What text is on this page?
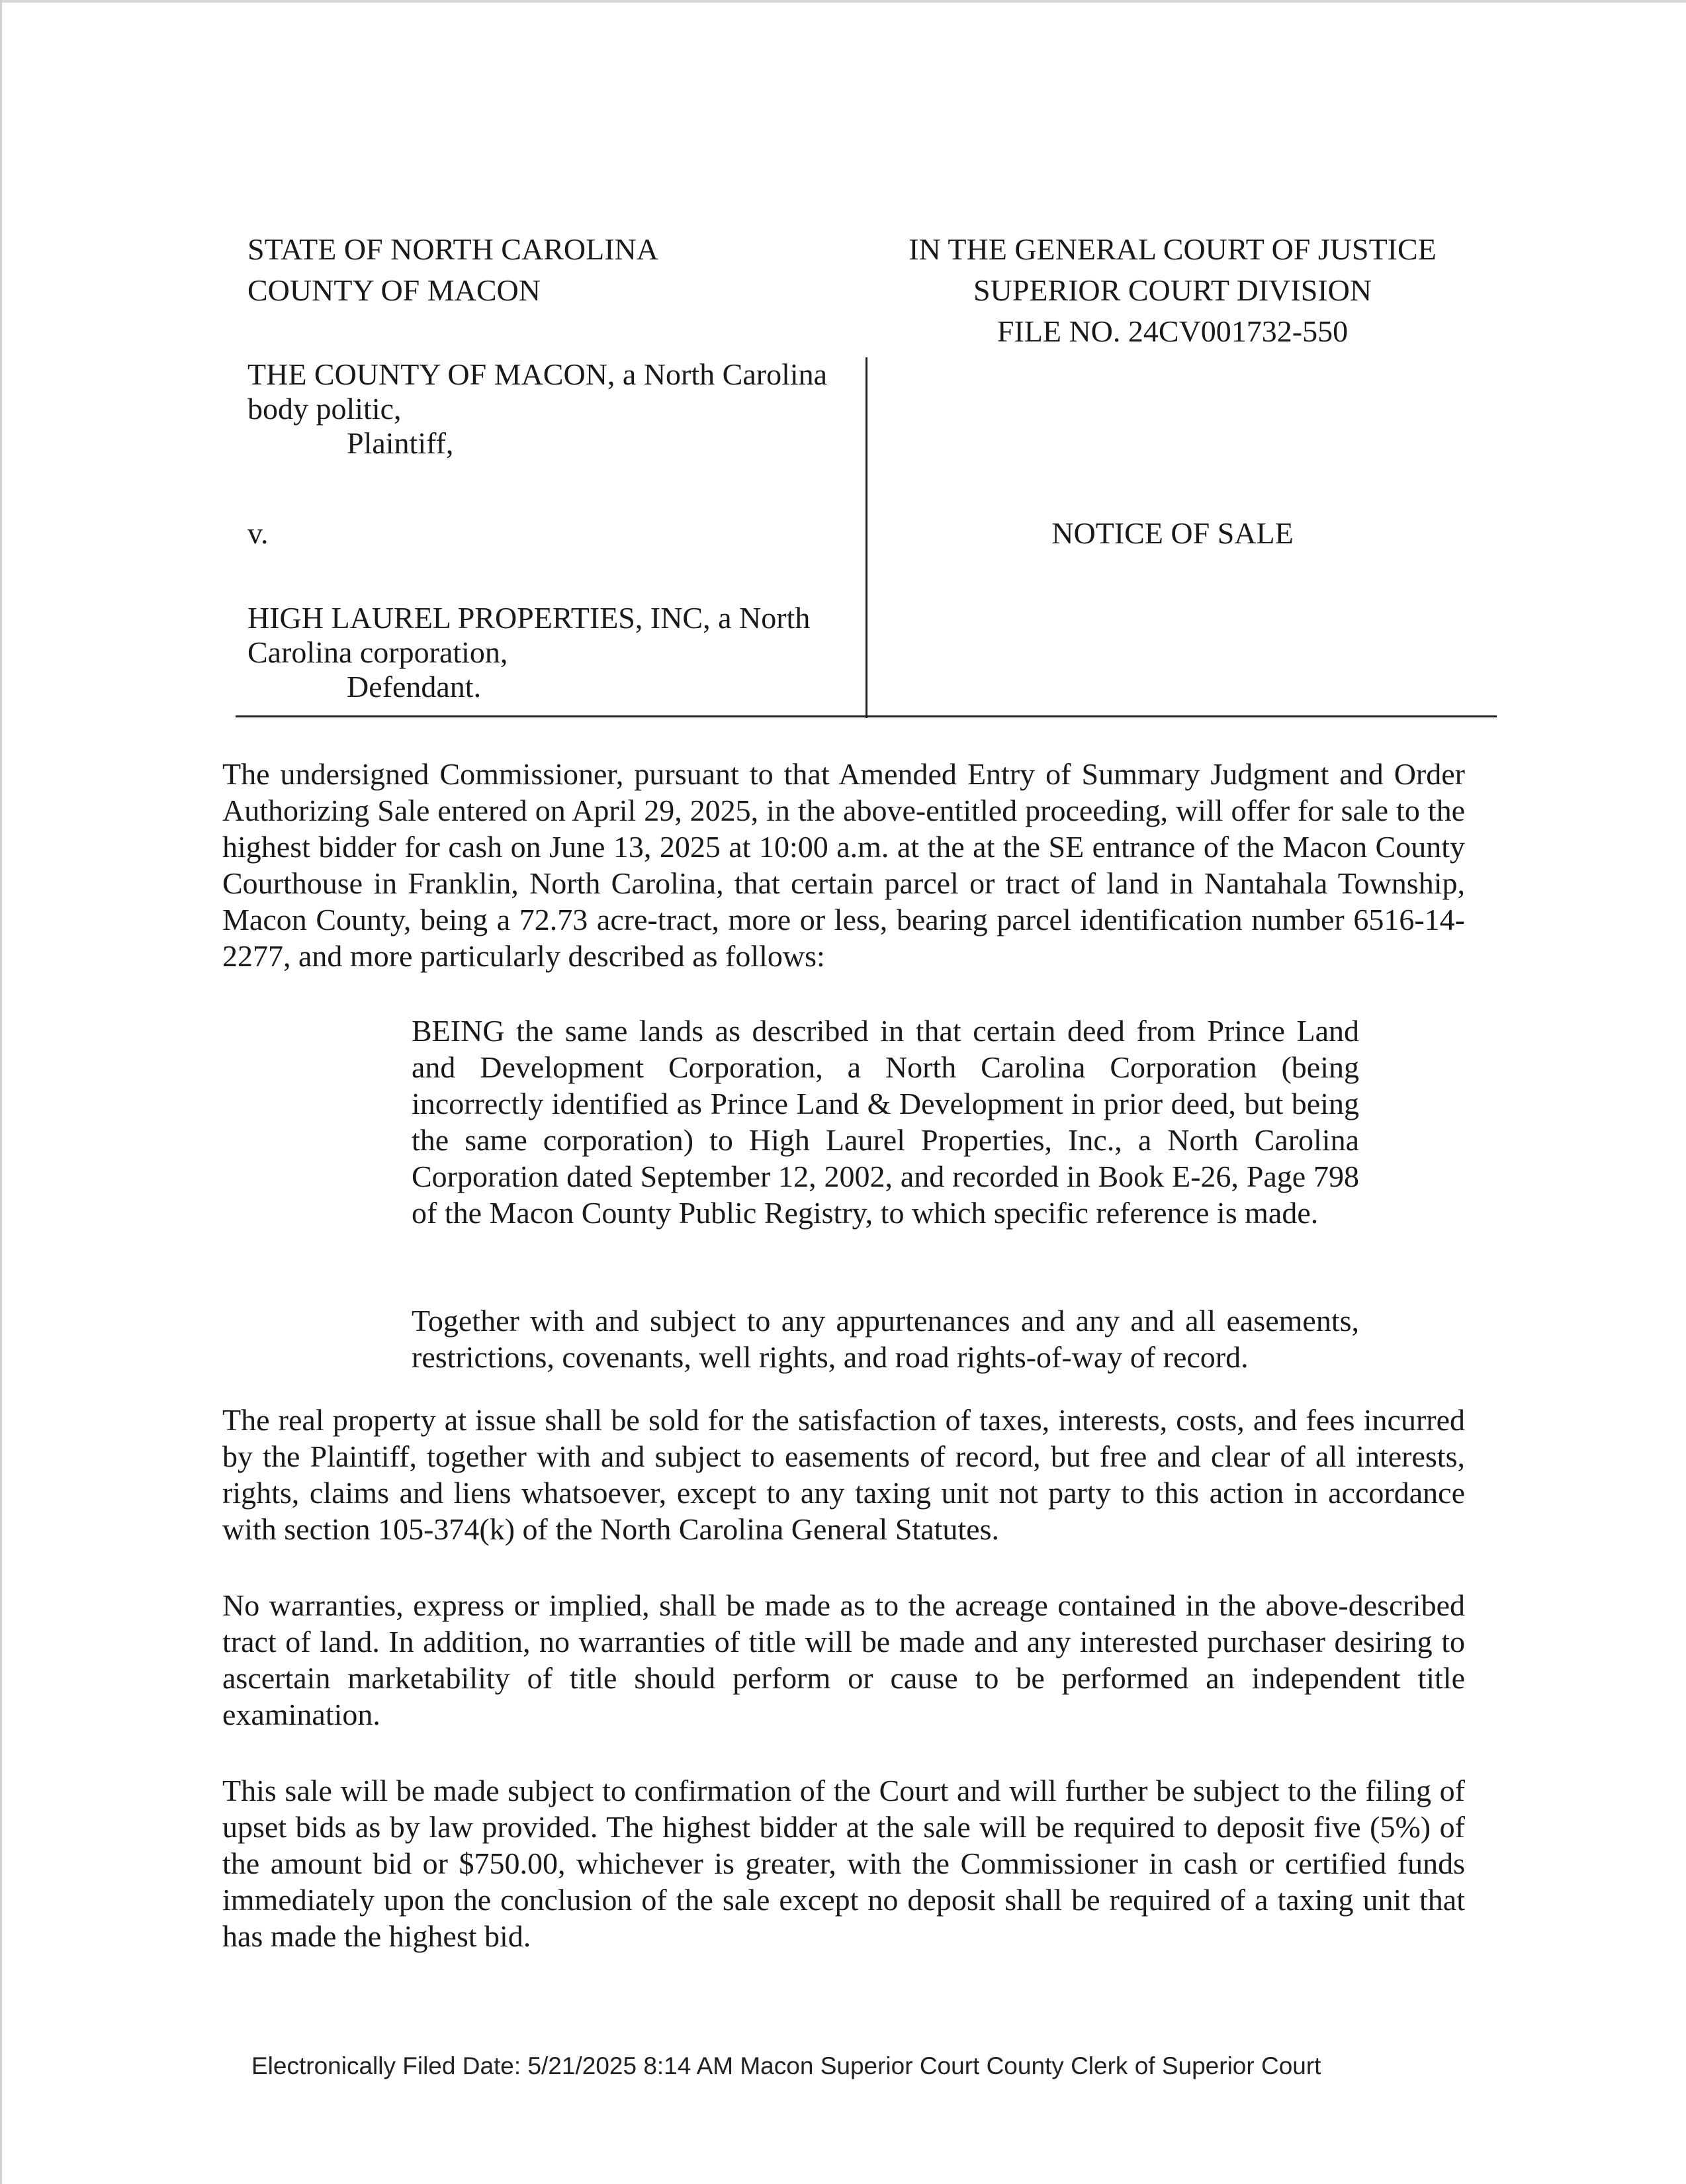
STATE OF NORTH CAROLINA
COUNTY OF MACON
IN THE GENERAL COURT OF JUSTICE
SUPERIOR COURT DIVISION
FILE NO. 24CV001732-550
THE COUNTY OF MACON, a North Carolina body politic,
Plaintiff,
v.
HIGH LAUREL PROPERTIES, INC, a North Carolina corporation,
Defendant.
NOTICE OF SALE

The undersigned Commissioner, pursuant to that Amended Entry of Summary Judgment and Order Authorizing Sale entered on April 29, 2025, in the above-entitled proceeding, will offer for sale to the highest bidder for cash on June 13, 2025 at 10:00 a.m. at the at the SE entrance of the Macon County Courthouse in Franklin, North Carolina, that certain parcel or tract of land in Nantahala Township, Macon County, being a 72.73 acre-tract, more or less, bearing parcel identification number 6516-14-2277, and more particularly described as follows:

BEING the same lands as described in that certain deed from Prince Land and Development Corporation, a North Carolina Corporation (being incorrectly identified as Prince Land & Development in prior deed, but being the same corporation) to High Laurel Properties, Inc., a North Carolina Corporation dated September 12, 2002, and recorded in Book E-26, Page 798 of the Macon County Public Registry, to which specific reference is made.

Together with and subject to any appurtenances and any and all easements, restrictions, covenants, well rights, and road rights-of-way of record.

The real property at issue shall be sold for the satisfaction of taxes, interests, costs, and fees incurred by the Plaintiff, together with and subject to easements of record, but free and clear of all interests, rights, claims and liens whatsoever, except to any taxing unit not party to this action in accordance with section 105-374(k) of the North Carolina General Statutes.

No warranties, express or implied, shall be made as to the acreage contained in the above-described tract of land. In addition, no warranties of title will be made and any interested purchaser desiring to ascertain marketability of title should perform or cause to be performed an independent title examination.

This sale will be made subject to confirmation of the Court and will further be subject to the filing of upset bids as by law provided. The highest bidder at the sale will be required to deposit five (5%) of the amount bid or $750.00, whichever is greater, with the Commissioner in cash or certified funds immediately upon the conclusion of the sale except no deposit shall be required of a taxing unit that has made the highest bid.

Electronically Filed Date: 5/21/2025 8:14 AM Macon Superior Court County Clerk of Superior Court
